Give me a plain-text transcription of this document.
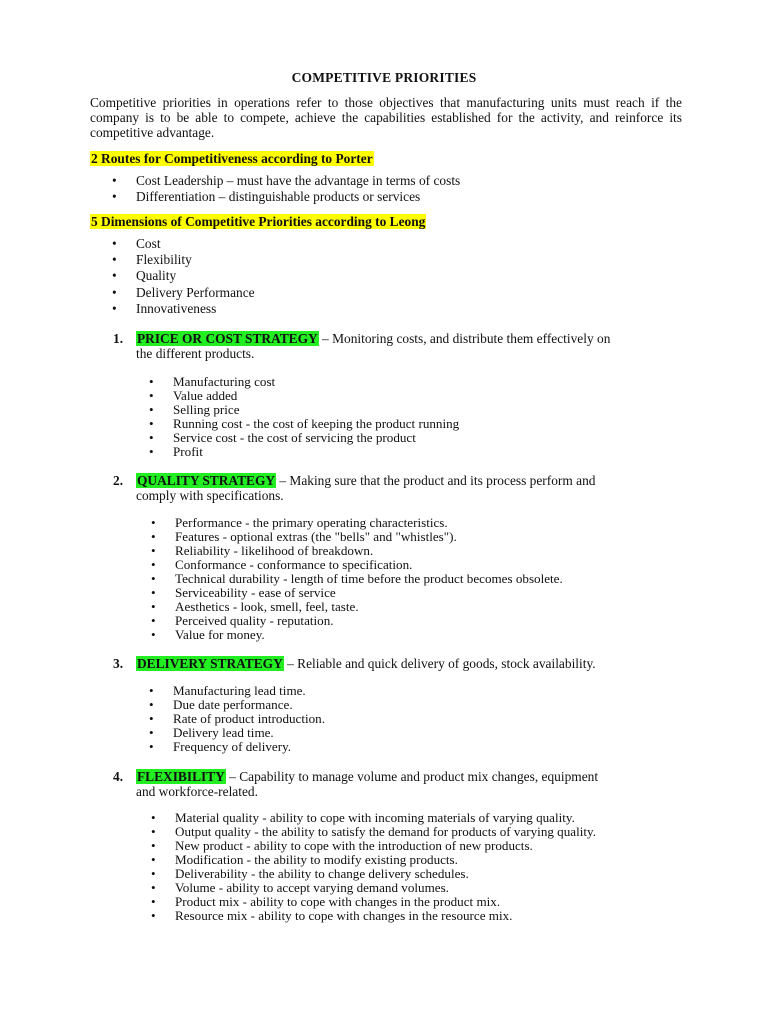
COMPETITIVE PRIORITIES

Competitive priorities in operations refer to those objectives that manufacturing units must reach if the company is to be able to compete, achieve the capabilities established for the activity, and reinforce its competitive advantage.

2 Routes for Competitiveness according to Porter
• Cost Leadership – must have the advantage in terms of costs
• Differentiation – distinguishable products or services
5 Dimensions of Competitive Priorities according to Leong
• Cost
• Flexibility
• Quality
• Delivery Performance
• Innovativeness
1. PRICE OR COST STRATEGY – Monitoring costs, and distribute them effectively on
the different products.
• Manufacturing cost
• Value added
• Selling price
• Running cost - the cost of keeping the product running
• Service cost - the cost of servicing the product
• Profit
2. QUALITY STRATEGY – Making sure that the product and its process perform and
comply with specifications.
• Performance - the primary operating characteristics.
• Features - optional extras (the "bells" and "whistles").
• Reliability - likelihood of breakdown.
• Conformance - conformance to specification.
• Technical durability - length of time before the product becomes obsolete.
• Serviceability - ease of service
• Aesthetics - look, smell, feel, taste.
• Perceived quality - reputation.
• Value for money.
3. DELIVERY STRATEGY – Reliable and quick delivery of goods, stock availability.
• Manufacturing lead time.
• Due date performance.
• Rate of product introduction.
• Delivery lead time.
• Frequency of delivery.
4. FLEXIBILITY – Capability to manage volume and product mix changes, equipment
and workforce-related.
• Material quality - ability to cope with incoming materials of varying quality.
• Output quality - the ability to satisfy the demand for products of varying quality.
• New product - ability to cope with the introduction of new products.
• Modification - the ability to modify existing products.
• Deliverability - the ability to change delivery schedules.
• Volume - ability to accept varying demand volumes.
• Product mix - ability to cope with changes in the product mix.
• Resource mix - ability to cope with changes in the resource mix.
